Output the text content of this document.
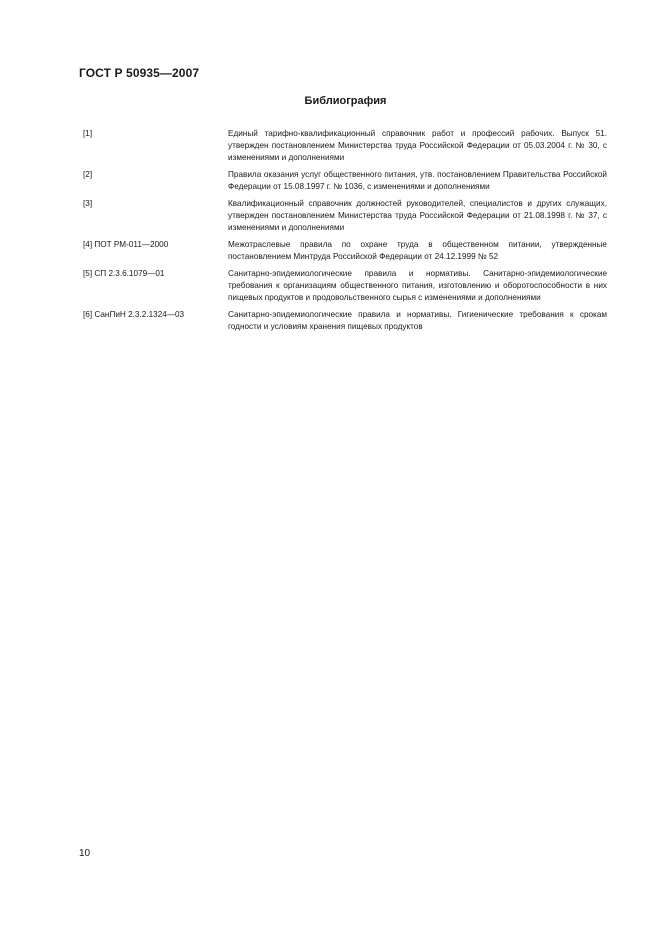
ГОСТ Р 50935—2007
Библиография
[1]	Единый тарифно-квалификационный справочник работ и профессий рабочих. Выпуск 51. утвержден постановлением Министерства труда Российской Федерации от 05.03.2004 г. № 30, с изменениями и дополнениями
[2]	Правила оказания услуг общественного питания, утв. постановлением Правительства Российской Федерации от 15.08.1997 г. № 1036, с изменениями и дополнениями
[3]	Квалификационный справочник должностей руководителей, специалистов и других служащих, утвержден постановлением Министерства труда Российской Федерации от 21.08.1998 г. № 37, с изменениями и дополнениями
[4] ПОТ РМ-011—2000	Межотраслевые правила по охране труда в общественном питании, утвержденные постановлением Минтруда Российской Федерации от 24.12.1999 № 52
[5] СП 2.3.6.1079—01	Санитарно-эпидемиологические правила и нормативы. Санитарно-эпидемиологические требования к организациям общественного питания, изготовлению и оборотоспособности в них пищевых продуктов и продовольственного сырья с изменениями и дополнениями
[6] СанПиН 2.3.2.1324—03	Санитарно-эпидемиологические правила и нормативы. Гигиенические требования к срокам годности и условиям хранения пищевых продуктов
10
